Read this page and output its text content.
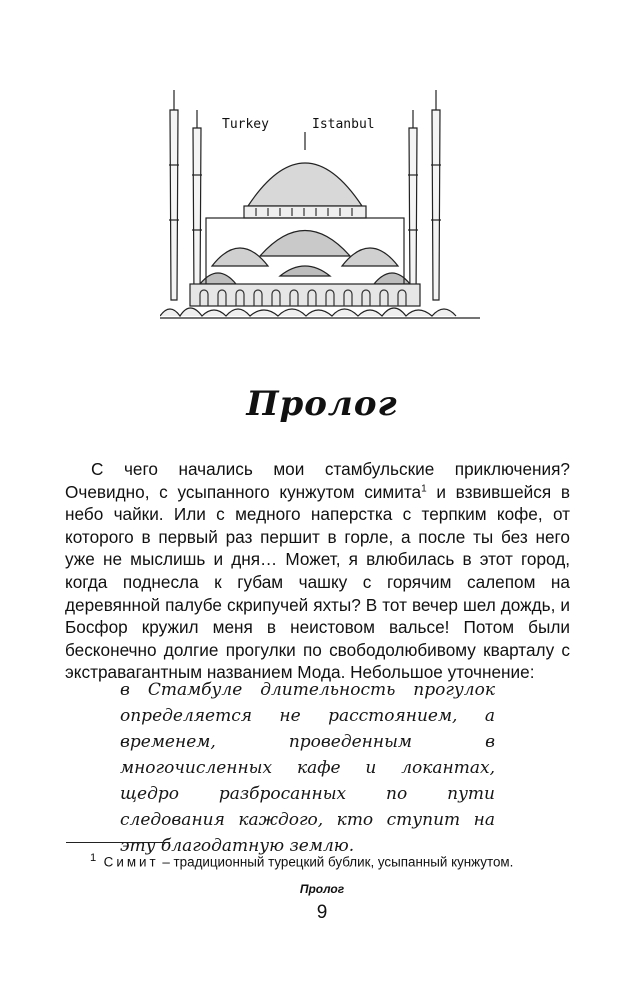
Turkey	Istanbul
Пролог

С чего начались мои стамбульские приключения? Очевидно, с усыпанного кунжутом симита$^1$ и взвившейся в небо чайки. Или с медного наперстка с терпким кофе, от которого в первый раз першит в горле, а после ты без него уже не мыслишь и дня… Может, я влюбилась в этот город, когда поднесла к губам чашку с горячим салепом на деревянной палубе скрипучей яхты? В тот вечер шел дождь, и Босфор кружил меня в неистовом вальсе! Потом были бесконечно долгие прогулки по свободолюбивому кварталу с экстравагантным названием Мода. Небольшое уточнение:

в Стамбуле длительность прогулок определяется не расстоянием, а временем, проведенным в многочисленных кафе и локантах, щедро разбросанных по пути следования каждого, кто ступит на эту благодатную землю.

$^1$ Симит – традиционный турецкий бублик, усыпанный кунжутом.

Пролог

9
